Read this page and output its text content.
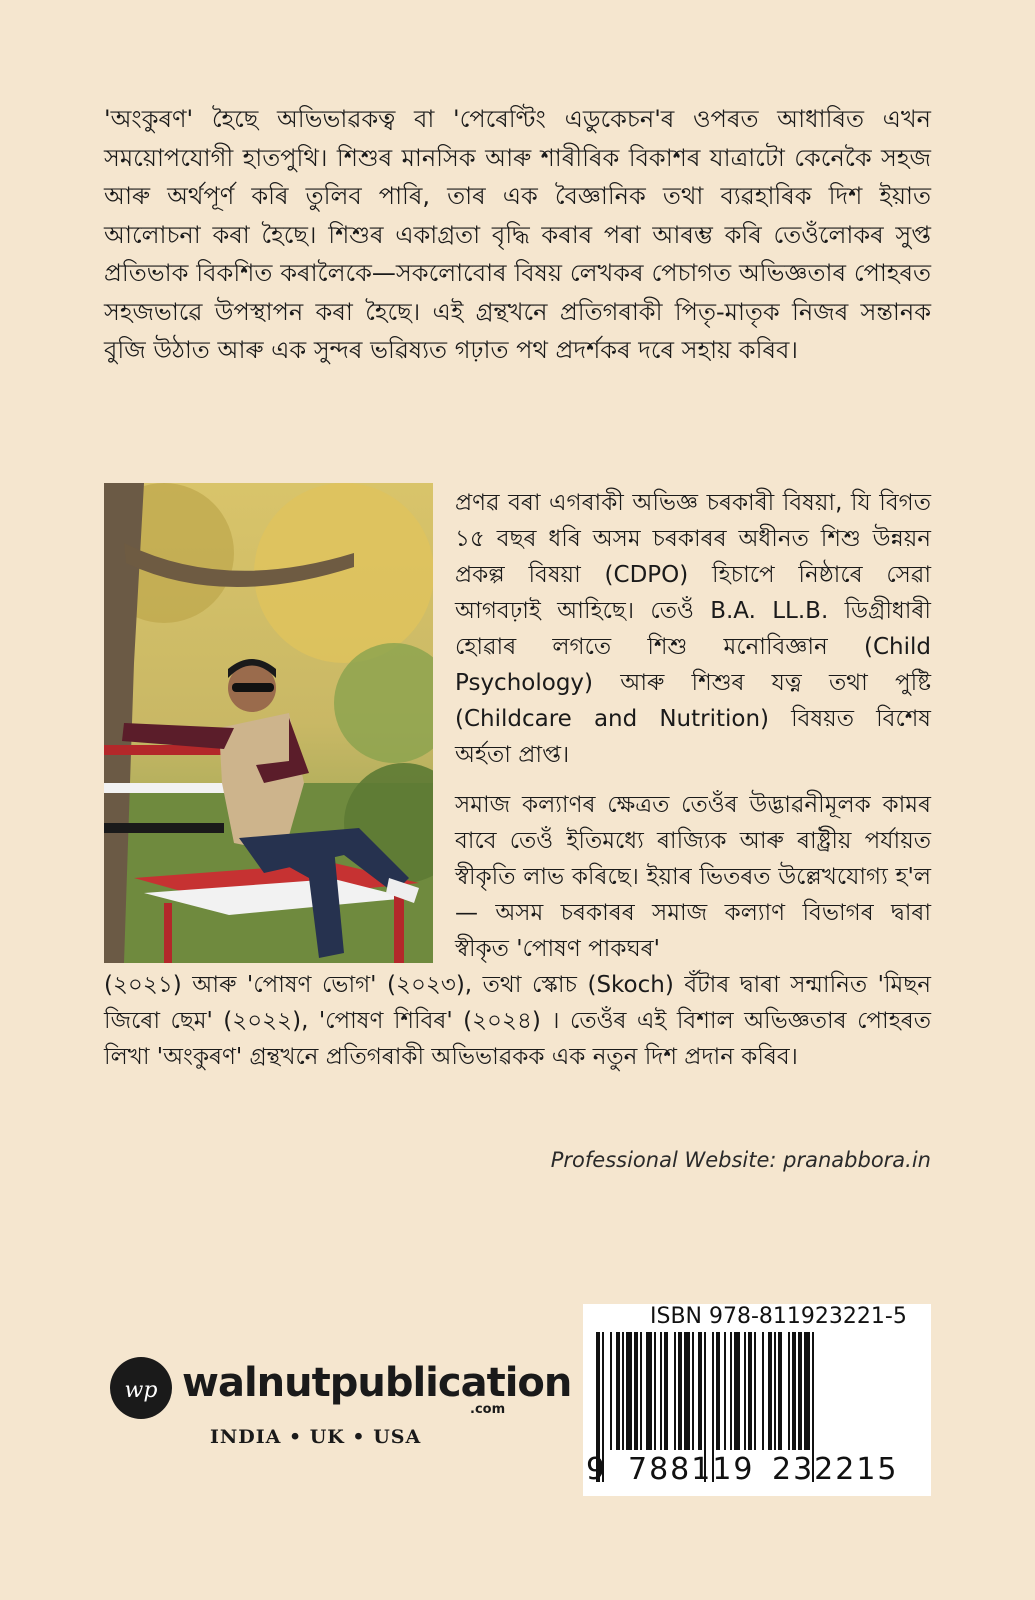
'অংকুৰণ' হৈছে অভিভাৱকত্ব বা 'পেৰেণ্টিং এডুকেচন'ৰ ওপৰত আধাৰিত এখন সময়োপযোগী হাতপুথি। শিশুৰ মানসিক আৰু শাৰীৰিক বিকাশৰ যাত্ৰাটো কেনেকৈ সহজ আৰু অৰ্থপূৰ্ণ কৰি তুলিব পাৰি, তাৰ এক বৈজ্ঞানিক তথা ব্যৱহাৰিক দিশ ইয়াত আলোচনা কৰা হৈছে। শিশুৰ একাগ্ৰতা বৃদ্ধি কৰাৰ পৰা আৰম্ভ কৰি তেওঁলোকৰ সুপ্ত প্ৰতিভাক বিকশিত কৰালৈকে—সকলোবোৰ বিষয় লেখকৰ পেচাগত অভিজ্ঞতাৰ পোহৰত সহজভাৱে উপস্থাপন কৰা হৈছে। এই গ্ৰন্থখনে প্ৰতিগৰাকী পিতৃ-মাতৃক নিজৰ সন্তানক বুজি উঠাত আৰু এক সুন্দৰ ভৱিষ্যত গঢ়াত পথ প্ৰদৰ্শকৰ দৰে সহায় কৰিব।

প্ৰণৱ বৰা এগৰাকী অভিজ্ঞ চৰকাৰী বিষয়া, যি বিগত ১৫ বছৰ ধৰি অসম চৰকাৰৰ অধীনত শিশু উন্নয়ন প্ৰকল্প বিষয়া (CDPO) হিচাপে নিষ্ঠাৰে সেৱা আগবঢ়াই আহিছে। তেওঁ B.A. LL.B. ডিগ্ৰীধাৰী হোৱাৰ লগতে শিশু মনোবিজ্ঞান (Child Psychology) আৰু শিশুৰ যত্ন তথা পুষ্টি (Childcare and Nutrition) বিষয়ত বিশেষ অৰ্হতা প্ৰাপ্ত।

সমাজ কল্যাণৰ ক্ষেত্ৰত তেওঁৰ উদ্ভাৱনীমূলক কামৰ বাবে তেওঁ ইতিমধ্যে ৰাজ্যিক আৰু ৰাষ্ট্ৰীয় পৰ্যায়ত স্বীকৃতি লাভ কৰিছে। ইয়াৰ ভিতৰত উল্লেখযোগ্য হ'ল— অসম চৰকাৰৰ সমাজ কল্যাণ বিভাগৰ দ্বাৰা স্বীকৃত 'পোষণ পাকঘৰ'

(২০২১) আৰু 'পোষণ ভোগ' (২০২৩), তথা স্কোচ (Skoch) বঁটাৰ দ্বাৰা সন্মানিত 'মিছন জিৰো ছেম' (২০২২), 'পোষণ শিবিৰ' (২০২৪) । তেওঁৰ এই বিশাল অভিজ্ঞতাৰ পোহৰত লিখা 'অংকুৰণ' গ্ৰন্থখনে প্ৰতিগৰাকী অভিভাৱকক এক নতুন দিশ প্ৰদান কৰিব।

Professional Website: pranabbora.in
wp walnutpublication
.com
INDIA • UK • USA
ISBN 978-811923221-5
9 788119 232215
